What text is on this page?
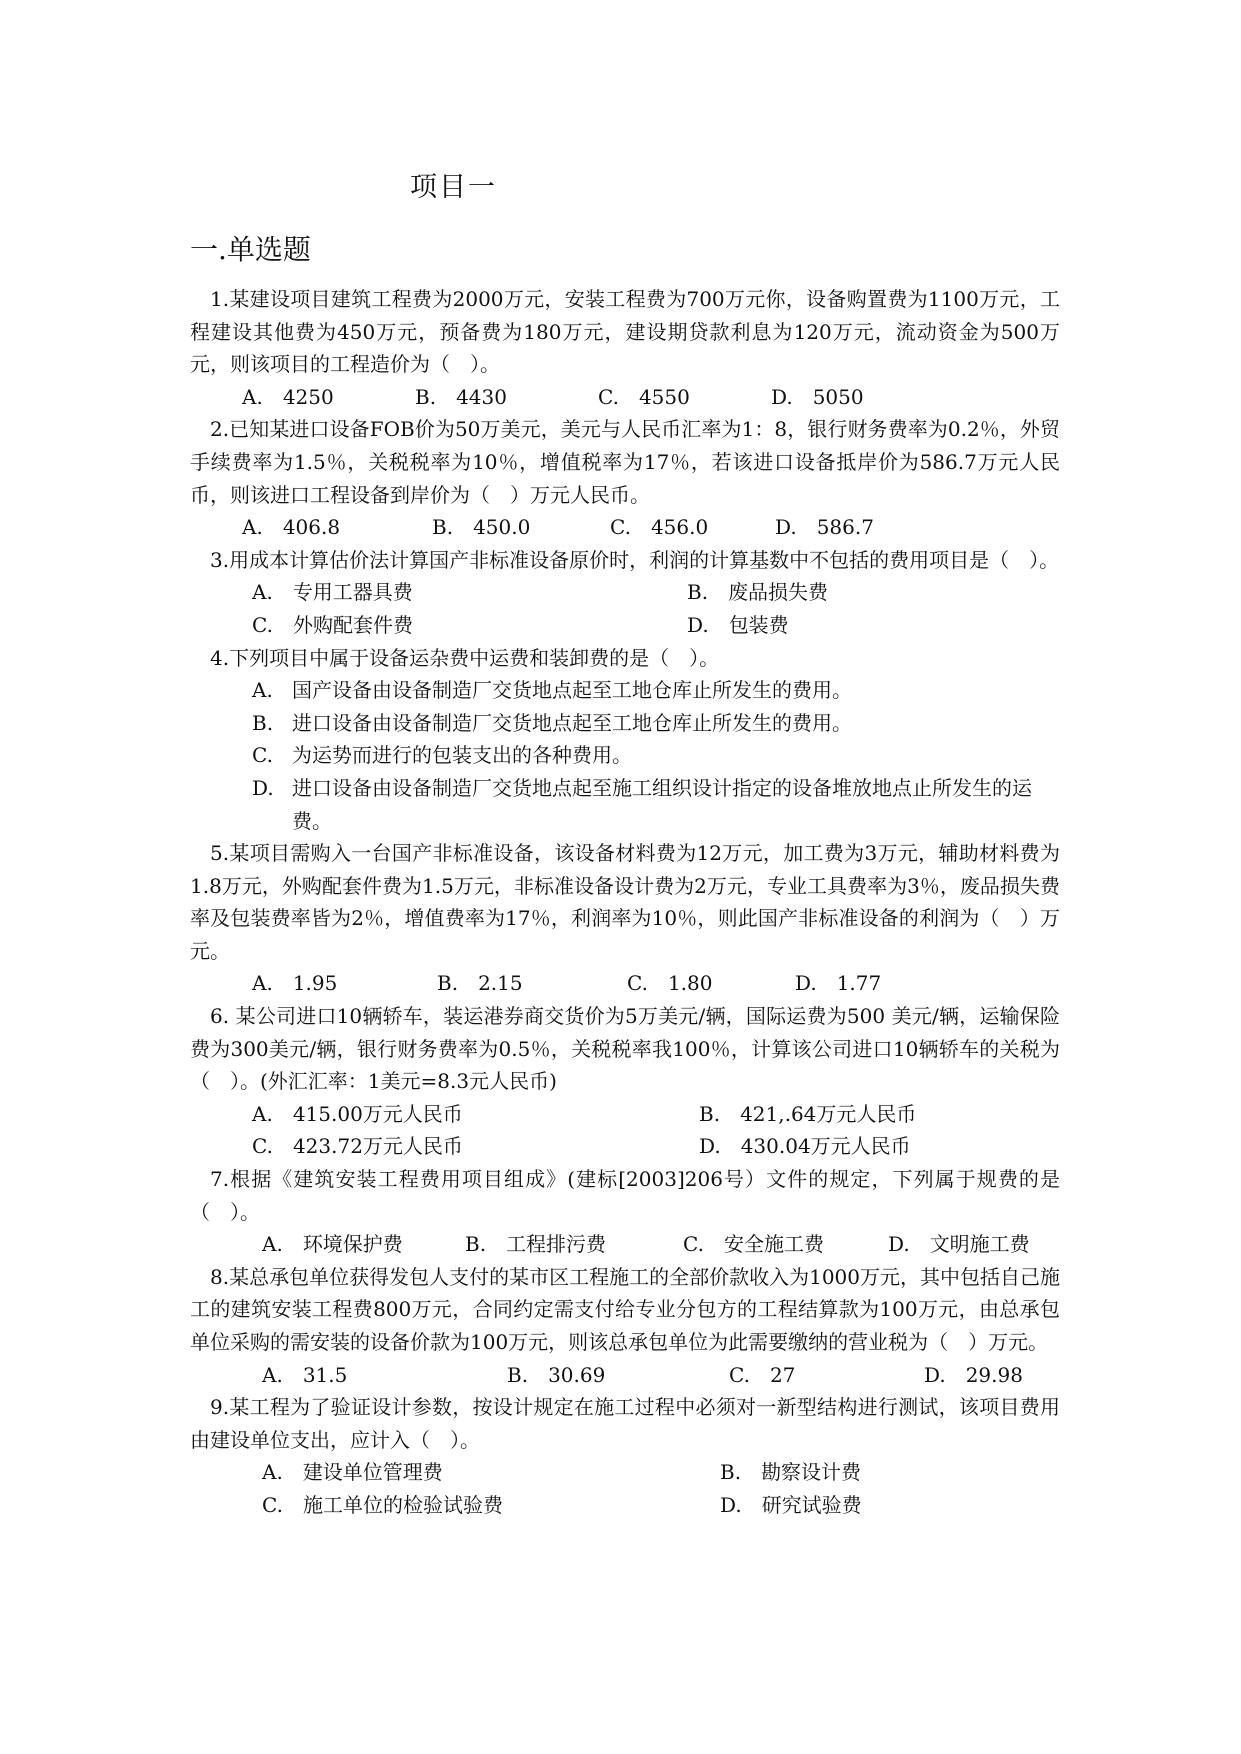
项目一
一.单选题

1.某建设项目建筑工程费为2000万元，安装工程费为700万元你，设备购置费为1100万元，工程建设其他费为450万元，预备费为180万元，建设期贷款利息为120万元，流动资金为500万元，则该项目的工程造价为（　）。

A. 4250	B. 4430	C. 4550	D. 5050

2.已知某进口设备FOB价为50万美元，美元与人民币汇率为1：8，银行财务费率为0.2％，外贸手续费率为1.5％，关税税率为10％，增值税率为17％，若该进口设备抵岸价为586.7万元人民币，则该进口工程设备到岸价为（　）万元人民币。

A. 406.8	B. 450.0	C. 456.0	D. 586.7

3.用成本计算估价法计算国产非标准设备原价时，利润的计算基数中不包括的费用项目是（　）。

A. 专用工器具费	B. 废品损失费
C. 外购配套件费	D. 包装费

4.下列项目中属于设备运杂费中运费和装卸费的是（　）。

A. 国产设备由设备制造厂交货地点起至工地仓库止所发生的费用。
B. 进口设备由设备制造厂交货地点起至工地仓库止所发生的费用。
C. 为运势而进行的包装支出的各种费用。
D. 进口设备由设备制造厂交货地点起至施工组织设计指定的设备堆放地点止所发生的运费。

5.某项目需购入一台国产非标准设备，该设备材料费为12万元，加工费为3万元，辅助材料费为1.8万元，外购配套件费为1.5万元，非标准设备设计费为2万元，专业工具费率为3％，废品损失费率及包装费率皆为2％，增值费率为17％，利润率为10％，则此国产非标准设备的利润为（　）万元。

A. 1.95	B. 2.15	C. 1.80	D. 1.77

6. 某公司进口10辆轿车，装运港券商交货价为5万美元/辆，国际运费为500 美元/辆，运输保险费为300美元/辆，银行财务费率为0.5％，关税税率我100％，计算该公司进口10辆轿车的关税为（　）。(外汇汇率：1美元=8.3元人民币)

A. 415.00万元人民币	B. 421,.64万元人民币
C. 423.72万元人民币	D. 430.04万元人民币

7.根据《建筑安装工程费用项目组成》(建标[2003]206号）文件的规定，下列属于规费的是（　）。

A. 环境保护费	B. 工程排污费	C. 安全施工费	D. 文明施工费

8.某总承包单位获得发包人支付的某市区工程施工的全部价款收入为1000万元，其中包括自己施工的建筑安装工程费800万元，合同约定需支付给专业分包方的工程结算款为100万元，由总承包单位采购的需安装的设备价款为100万元，则该总承包单位为此需要缴纳的营业税为（　）万元。

A. 31.5	B. 30.69	C. 27	D. 29.98

9.某工程为了验证设计参数，按设计规定在施工过程中必须对一新型结构进行测试，该项目费用由建设单位支出，应计入（　）。

A. 建设单位管理费	B. 勘察设计费
C. 施工单位的检验试验费	D. 研究试验费
